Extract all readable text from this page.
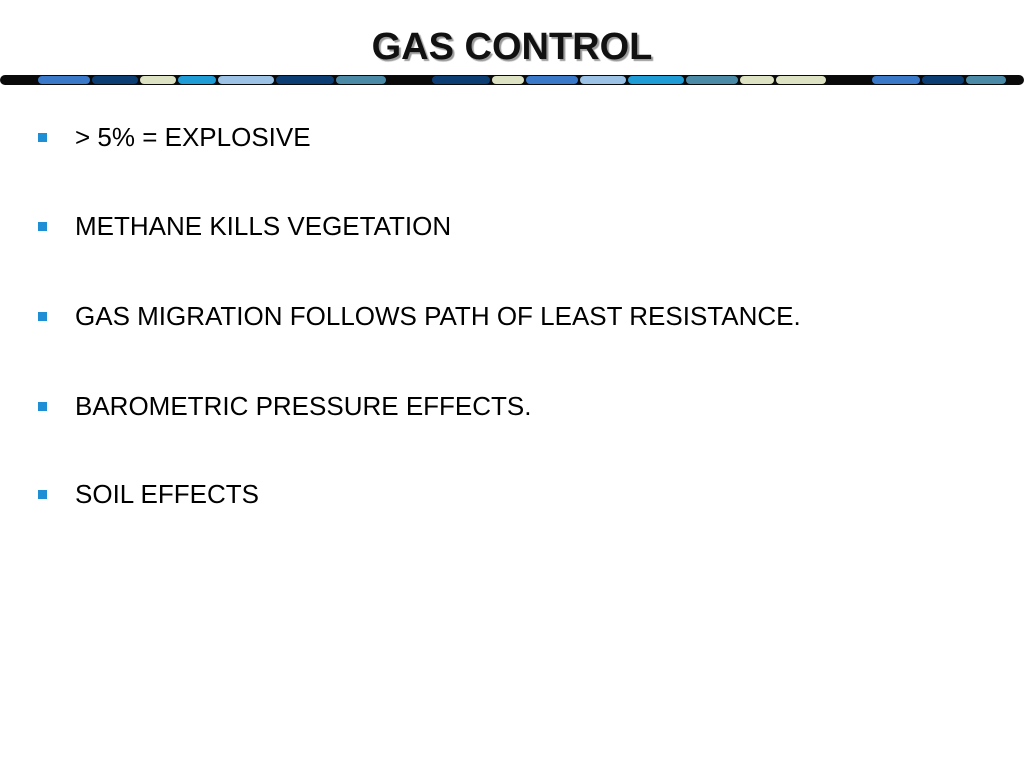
GAS CONTROL
> 5% = EXPLOSIVE
METHANE KILLS VEGETATION
GAS MIGRATION FOLLOWS PATH OF LEAST RESISTANCE.
BAROMETRIC PRESSURE EFFECTS.
SOIL EFFECTS
